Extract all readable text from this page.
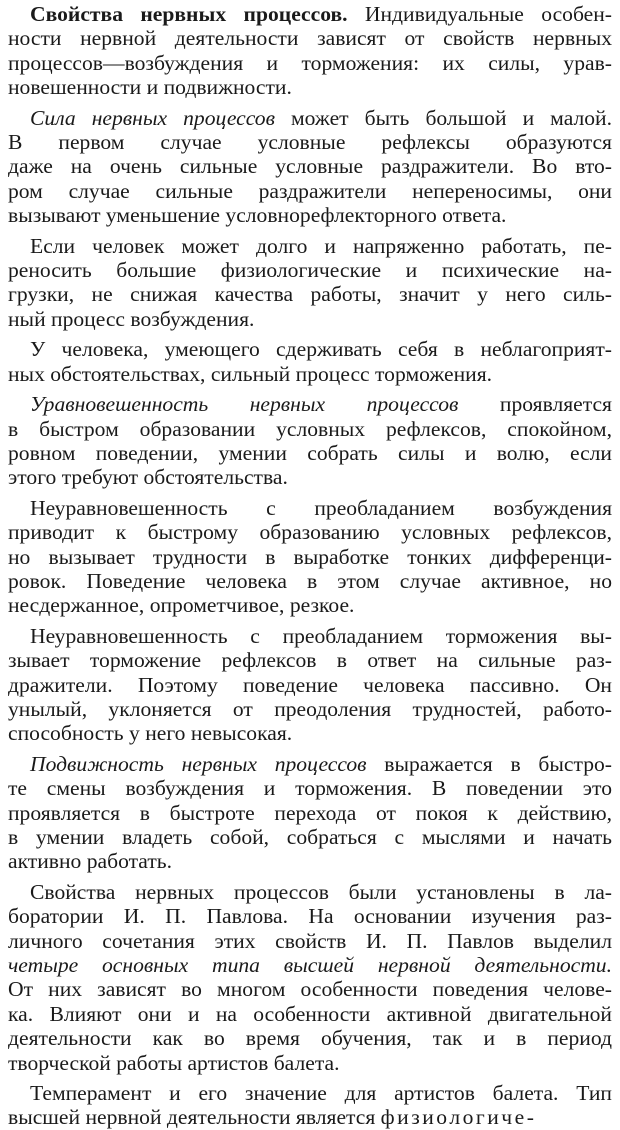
Свойства нервных процессов. Индивидуальные особен-
ности нервной деятельности зависят от свойств нервных
процессов—возбуждения и торможения: их силы, урав-
новешенности и подвижности.
Сила нервных процессов может быть большой и малой.
В первом случае условные рефлексы образуются
даже на очень сильные условные раздражители. Во вто-
ром случае сильные раздражители непереносимы, они
вызывают уменьшение условнорефлекторного ответа.
Если человек может долго и напряженно работать, пе-
реносить большие физиологические и психические на-
грузки, не снижая качества работы, значит у него силь-
ный процесс возбуждения.
У человека, умеющего сдерживать себя в неблагоприят-
ных обстоятельствах, сильный процесс торможения.
Уравновешенность нервных процессов проявляется
в быстром образовании условных рефлексов, спокойном,
ровном поведении, умении собрать силы и волю, если
этого требуют обстоятельства.
Неуравновешенность с преобладанием возбуждения
приводит к быстрому образованию условных рефлексов,
но вызывает трудности в выработке тонких дифференци-
ровок. Поведение человека в этом случае активное, но
несдержанное, опрометчивое, резкое.
Неуравновешенность с преобладанием торможения вы-
зывает торможение рефлексов в ответ на сильные раз-
дражители. Поэтому поведение человека пассивно. Он
унылый, уклоняется от преодоления трудностей, работо-
способность у него невысокая.
Подвижность нервных процессов выражается в быстро-
те смены возбуждения и торможения. В поведении это
проявляется в быстроте перехода от покоя к действию,
в умении владеть собой, собраться с мыслями и начать
активно работать.
Свойства нервных процессов были установлены в ла-
боратории И. П. Павлова. На основании изучения раз-
личного сочетания этих свойств И. П. Павлов выделил
четыре основных типа высшей нервной деятельности.
От них зависят во многом особенности поведения челове-
ка. Влияют они и на особенности активной двигательной
деятельности как во время обучения, так и в период
творческой работы артистов балета.
Темперамент и его значение для артистов балета. Тип
высшей нервной деятельности является физиологиче-
